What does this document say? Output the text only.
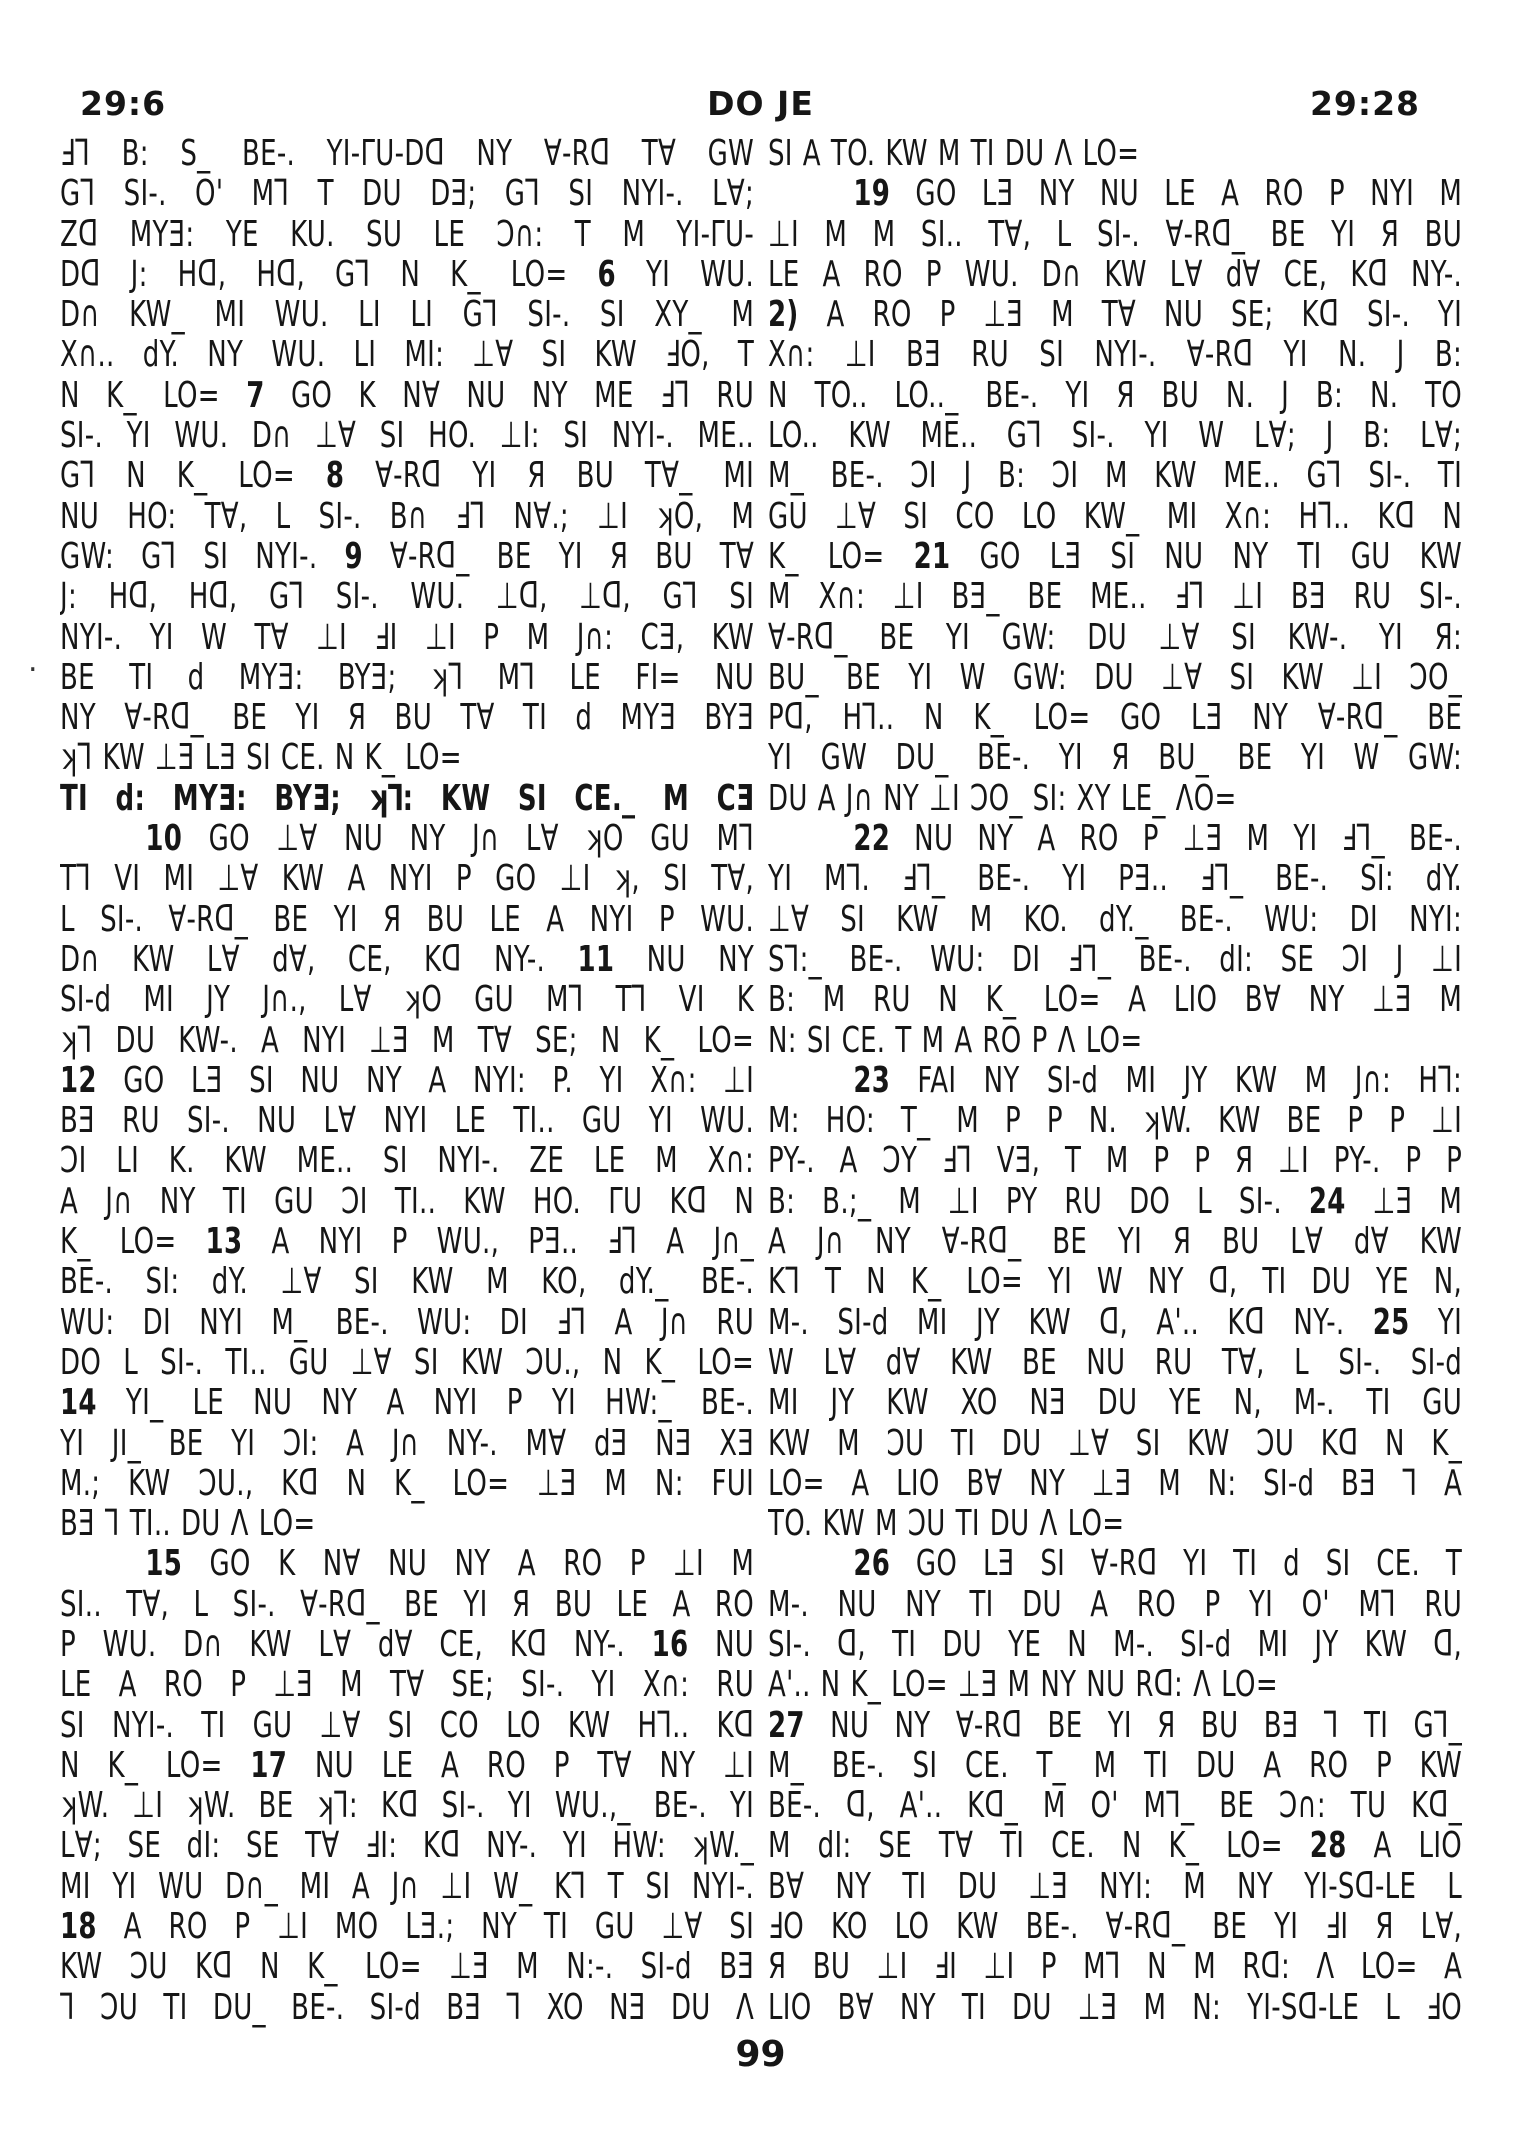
29:6	DO JE	29:28
.
Ⅎ⅂ B: S_ BE-. YI-ΓU-Dᗡ NY ∀-Rᗡ T∀ GW
G⅂ SI-. O' M⅂ T DU DƎ; G⅂ SI NYI-. L∀;
Zᗡ MYƎ: YE KU. SU LE Ɔ∩: T M YI-ΓU-
Dᗡ J: Hᗡ, Hᗡ, G⅂ N K_ LO= 6 YI WU.
D∩ KW_ MI WU. LI LI G⅂ SI-. SI XY_ M
X∩.. dY. NY WU. LI MI: ⊥∀ SI KW ℲO, T
N K_ LO= 7 GO K N∀ NU NY ME Ⅎ⅂ RU
SI-. YI WU. D∩ ⊥∀ SI HO. ⊥I: SI NYI-. ME..
G⅂ N K_ LO= 8 ∀-Rᗡ YI Я BU T∀_ MI
NU HO: T∀, L SI-. B∩ Ⅎ⅂ N∀.; ⊥I ʞO, M
GW: G⅂ SI NYI-. 9 ∀-Rᗡ_ BE YI Я BU T∀
J: Hᗡ, Hᗡ, G⅂ SI-. WU. ⊥ᗡ, ⊥ᗡ, G⅂ SI
NYI-. YI W T∀ ⊥I ℲI ⊥I P M J∩: CƎ, KW
BE TI d MYƎ: BYƎ; ʞ⅂ M⅂ LE FI= NU
NY ∀-Rᗡ_ BE YI Я BU T∀ TI d MYƎ BYƎ
ʞ⅂ KW ⊥Ǝ LƎ SI CE. N K_ LO=
TI d: MYƎ: BYƎ; ʞ⅂: KW SI CE._ M CƎ
10 GO ⊥∀ NU NY J∩ L∀ ʞO GU M⅂
T⅂ VI MI ⊥∀ KW A NYI P GO ⊥I ʞ, SI T∀,
L SI-. ∀-Rᗡ_ BE YI Я BU LE A NYI P WU.
D∩ KW L∀ d∀, CE, Kᗡ NY-. 11 NU NY
SI-d MI JY J∩., L∀ ʞO GU M⅂ T⅂ VI K
ʞ⅂ DU KW-. A NYI ⊥Ǝ M T∀ SE; N K_ LO=
12 GO LƎ SI NU NY A NYI: P. YI X∩: ⊥I
BƎ RU SI-. NU L∀ NYI LE TI.. GU YI WU.
ƆI LI K. KW ME.. SI NYI-. ZE LE M X∩:
A J∩ NY TI GU ƆI TI.. KW HO. ΓU Kᗡ N
K_ LO= 13 A NYI P WU., PƎ.. Ⅎ⅂ A J∩_
BE-. SI: dY. ⊥∀ SI KW M KO, dY._ BE-.
WU: DI NYI M_ BE-. WU: DI Ⅎ⅂ A J∩ RU
DO L SI-. TI.. GU ⊥∀ SI KW ƆU., N K_ LO=
14 YI_ LE NU NY A NYI P YI HW:_ BE-.
YI JI_ BE YI ƆI: A J∩ NY-. M∀ dƎ NƎ XƎ
M.; KW ƆU., Kᗡ N K_ LO= ⊥Ǝ M N: FUI
BƎ ⅂ TI.. DU Λ LO=
15 GO K N∀ NU NY A RO P ⊥I M
SI.. T∀, L SI-. ∀-Rᗡ_ BE YI Я BU LE A RO
P WU. D∩ KW L∀ d∀ CE, Kᗡ NY-. 16 NU
LE A RO P ⊥Ǝ M T∀ SE; SI-. YI X∩: RU
SI NYI-. TI GU ⊥∀ SI CO LO KW H⅂.. Kᗡ
N K_ LO= 17 NU LE A RO P T∀ NY ⊥I
ʞW. ⊥I ʞW. BE ʞ⅂: Kᗡ SI-. YI WU.,_ BE-. YI
L∀; SE dI: SE T∀ ℲI: Kᗡ NY-. YI HW: ʞW._
MI YI WU D∩_ MI A J∩ ⊥I W_ K⅂ T SI NYI-.
18 A RO P ⊥I MO LƎ.; NY TI GU ⊥∀ SI
KW ƆU Kᗡ N K_ LO= ⊥Ǝ M N:-. SI-d BƎ
⅂ ƆU TI DU_ BE-. SI-d BƎ ⅂ XO NƎ DU Λ
SI A TO. KW M TI DU Λ LO=
19 GO LƎ NY NU LE A RO P NYI M
⊥I M M SI.. T∀, L SI-. ∀-Rᗡ_ BE YI Я BU
LE A RO P WU. D∩ KW L∀ d∀ CE, Kᗡ NY-.
2) A RO P ⊥Ǝ M T∀ NU SE; Kᗡ SI-. YI
X∩: ⊥I BƎ RU SI NYI-. ∀-Rᗡ YI N. J B:
N TO.. LO.._ BE-. YI Я BU N. J B: N. TO
LO.. KW ME.. G⅂ SI-. YI W L∀; J B: L∀;
M_ BE-. ƆI J B: ƆI M KW ME.. G⅂ SI-. TI
GU ⊥∀ SI CO LO KW_ MI X∩: H⅂.. Kᗡ N
K_ LO= 21 GO LƎ SI NU NY TI GU KW
M X∩: ⊥I BƎ_ BE ME.. Ⅎ⅂ ⊥I BƎ RU SI-.
∀-Rᗡ_ BE YI GW: DU ⊥∀ SI KW-. YI Я:
BU_ BE YI W GW: DU ⊥∀ SI KW ⊥I ƆO_
Pᗡ, H⅂.. N K_ LO= GO LƎ NY ∀-Rᗡ_ BE
YI GW DU_ BE-. YI Я BU_ BE YI W GW:
DU A J∩ NY ⊥I ƆO_ SI: XY LE_ ΛO=
22 NU NY A RO P ⊥Ǝ M YI Ⅎ⅂_ BE-.
YI M⅂. Ⅎ⅂_ BE-. YI PƎ.. Ⅎ⅂_ BE-. SI: dY.
⊥∀ SI KW M KO. dY._ BE-. WU: DI NYI:
S⅂:_ BE-. WU: DI Ⅎ⅂_ BE-. dI: SE ƆI J ⊥I
B: M RU N K_ LO= A LIO B∀ NY ⊥Ǝ M
N: SI CE. T M A RO P Λ LO=
23 FAI NY SI-d MI JY KW M J∩: H⅂:
M: HO: T_ M P P N. ʞW. KW BE P P ⊥I
PY-. A ƆY Ⅎ⅂ VƎ, T M P P Я ⊥I PY-. P P
B: B.;_ M ⊥I PY RU DO L SI-. 24 ⊥Ǝ M
A J∩ NY ∀-Rᗡ_ BE YI Я BU L∀ d∀ KW
K⅂ T N K_ LO= YI W NY ᗡ, TI DU YE N,
M-. SI-d MI JY KW ᗡ, A'.. Kᗡ NY-. 25 YI
W L∀ d∀ KW BE NU RU T∀, L SI-. SI-d
MI JY KW XO NƎ DU YE N, M-. TI GU
KW M ƆU TI DU ⊥∀ SI KW ƆU Kᗡ N K_
LO= A LIO B∀ NY ⊥Ǝ M N: SI-d BƎ ⅂ A
TO. KW M ƆU TI DU Λ LO=
26 GO LƎ SI ∀-Rᗡ YI TI d SI CE. T
M-. NU NY TI DU A RO P YI O' M⅂ RU
SI-. ᗡ, TI DU YE N M-. SI-d MI JY KW ᗡ,
A'.. N K_ LO= ⊥Ǝ M NY NU Rᗡ: Λ LO=
27 NU NY ∀-Rᗡ BE YI Я BU BƎ ⅂ TI G⅂_
M_ BE-. SI CE. T_ M TI DU A RO P KW
BE-. ᗡ, A'.. Kᗡ_ M O' M⅂_ BE Ɔ∩: TU Kᗡ_
M dI: SE T∀ TI CE. N K_ LO= 28 A LIO
B∀ NY TI DU ⊥Ǝ NYI: M NY YI-Sᗡ-LE L
ℲO KO LO KW BE-. ∀-Rᗡ_ BE YI ℲI Я L∀,
Я BU ⊥I ℲI ⊥I P M⅂ N M Rᗡ: Λ LO= A
LIO B∀ NY TI DU ⊥Ǝ M N: YI-Sᗡ-LE L ℲO
99
